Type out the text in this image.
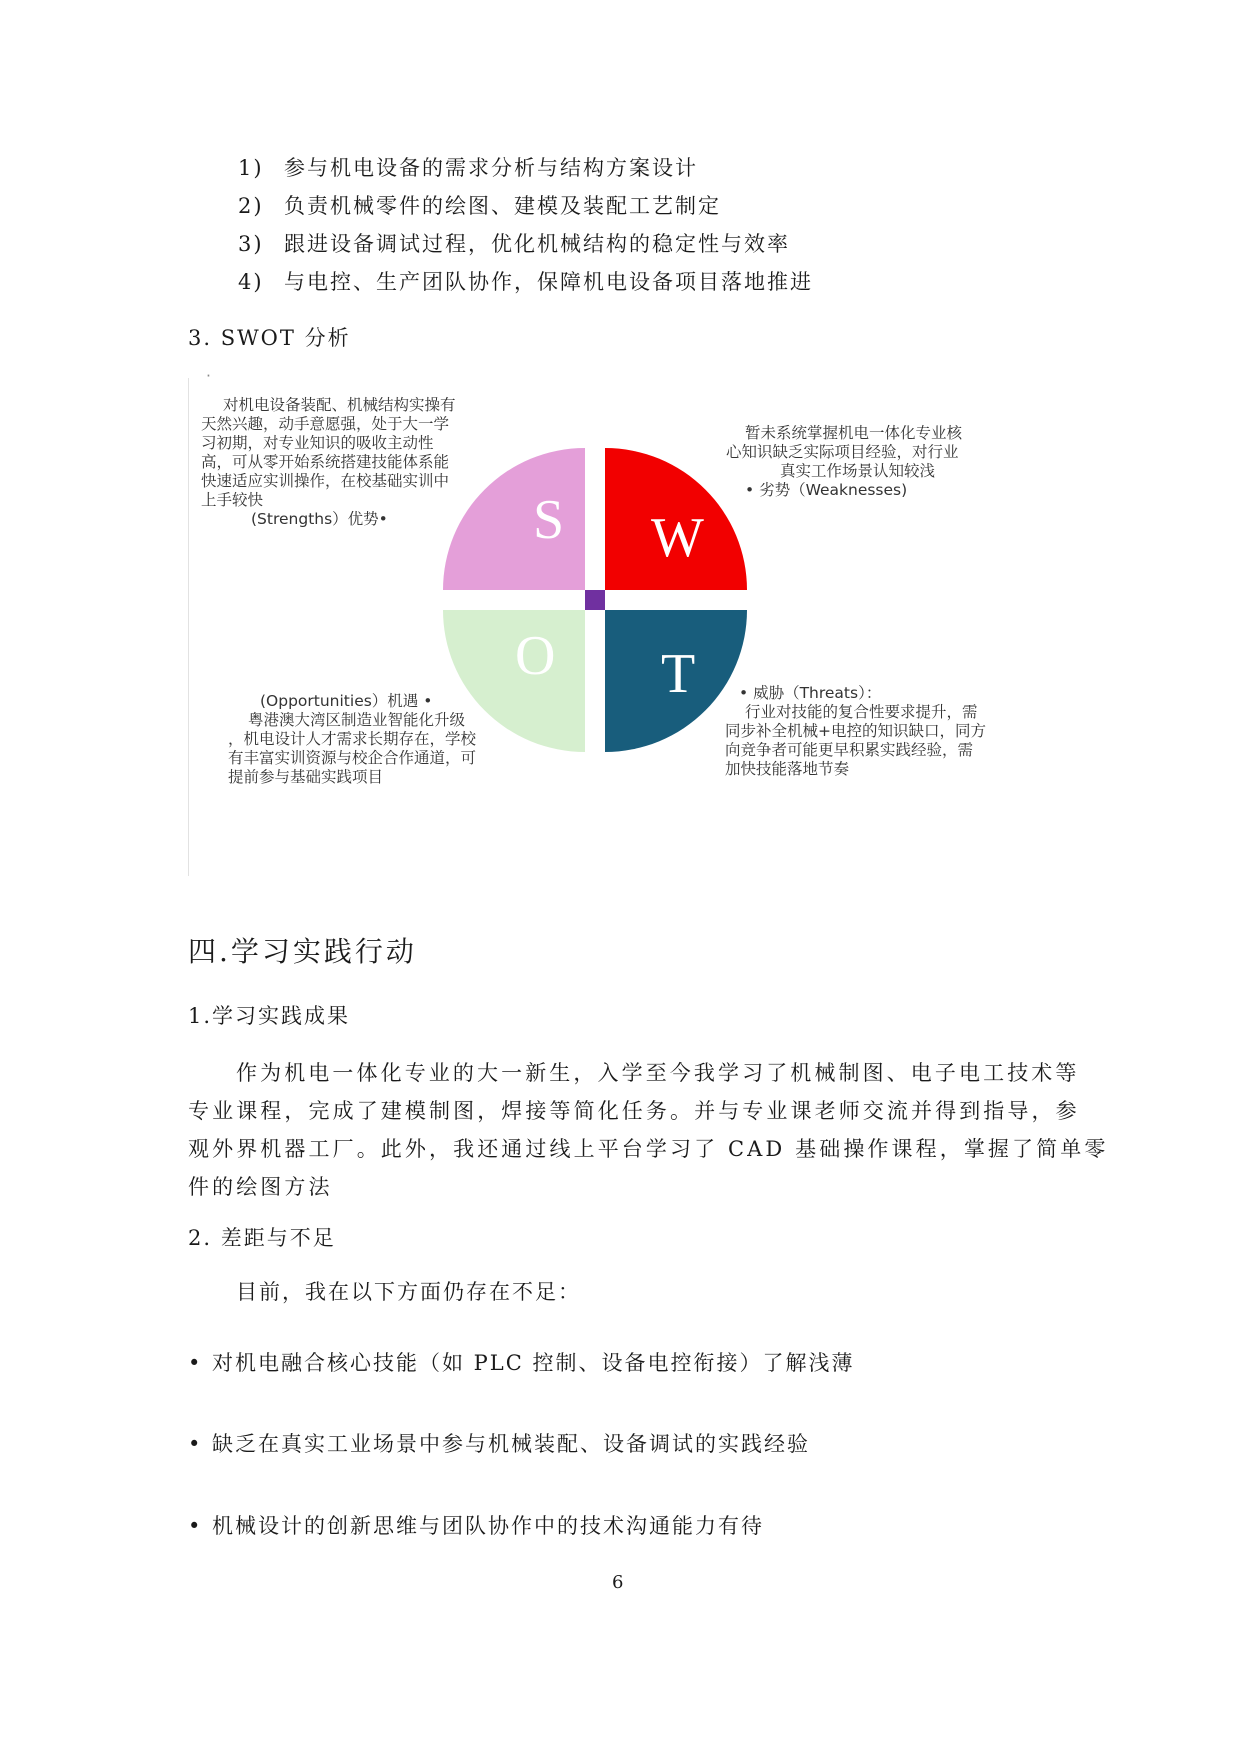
1) 参与机电设备的需求分析与结构方案设计
2) 负责机械零件的绘图、建模及装配工艺制定
3) 跟进设备调试过程，优化机械结构的稳定性与效率
4) 与电控、生产团队协作，保障机电设备项目落地推进
3. SWOT 分析
·
S W
O T
对机电设备装配、机械结构实操有
天然兴趣，动手意愿强，处于大一学
习初期，对专业知识的吸收主动性
高，可从零开始系统搭建技能体系能
快速适应实训操作，在校基础实训中
上手较快
(Strengths）优势•
暂未系统掌握机电一体化专业核
心知识缺乏实际项目经验，对行业
真实工作场景认知较浅
• 劣势（Weaknesses)
(Opportunities）机遇 •
粤港澳大湾区制造业智能化升级
，机电设计人才需求长期存在，学校
有丰富实训资源与校企合作通道，可
提前参与基础实践项目
• 威胁（Threats）：
行业对技能的复合性要求提升，需
同步补全机械+电控的知识缺口，同方
向竞争者可能更早积累实践经验，需
加快技能落地节奏
四.学习实践行动
1.学习实践成果
作为机电一体化专业的大一新生，入学至今我学习了机械制图、电子电工技术等
专业课程，完成了建模制图，焊接等简化任务。并与专业课老师交流并得到指导，参
观外界机器工厂。此外，我还通过线上平台学习了 CAD 基础操作课程，掌握了简单零
件的绘图方法
2. 差距与不足
目前，我在以下方面仍存在不足：
• 对机电融合核心技能（如 PLC 控制、设备电控衔接）了解浅薄
• 缺乏在真实工业场景中参与机械装配、设备调试的实践经验
• 机械设计的创新思维与团队协作中的技术沟通能力有待
6
